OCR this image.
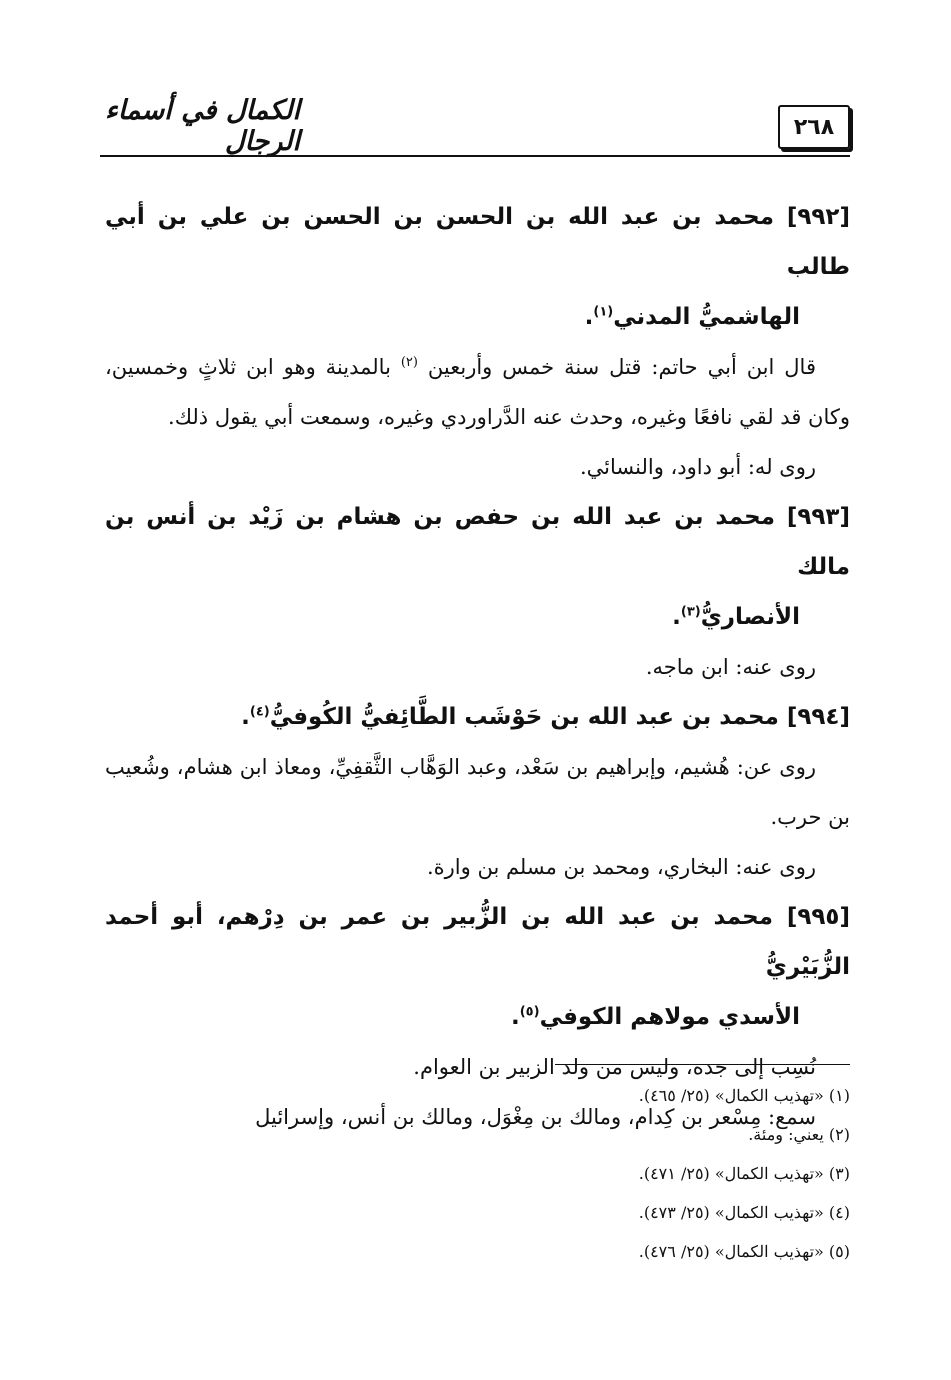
٢٦٨
الكمال في أسماء الرجال

[٩٩٢] محمد بن عبد الله بن الحسن بن الحسن بن علي بن أبي طالب
الهاشميُّ المدني$^{(١)}$.

قال ابن أبي حاتم: قتل سنة خمس وأربعين $^{(٢)}$ بالمدينة وهو ابن ثلاثٍ وخمسين، وكان قد لقي نافعًا وغيره، وحدث عنه الدَّراوردي وغيره، وسمعت أبي يقول ذلك.

روى له: أبو داود، والنسائي.

[٩٩٣] محمد بن عبد الله بن حفص بن هشام بن زَيْد بن أنس بن مالك
الأنصاريُّ$^{(٣)}$.

روى عنه: ابن ماجه.

[٩٩٤] محمد بن عبد الله بن حَوْشَب الطَّائِفيُّ الكُوفيُّ$^{(٤)}$.

روى عن: هُشيم، وإبراهيم بن سَعْد، وعبد الوَهَّاب الثَّقفِيِّ، ومعاذ ابن هشام، وشُعيب بن حرب.

روى عنه: البخاري، ومحمد بن مسلم بن وارة.

[٩٩٥] محمد بن عبد الله بن الزُّبير بن عمر بن دِرْهم، أبو أحمد الزُّبَيْريُّ
الأسدي مولاهم الكوفي$^{(٥)}$.

نُسِب إلى جده، وليس من ولد الزبير بن العوام.

سمع: مِسْعر بن كِدام، ومالك بن مِغْوَل، ومالك بن أنس، وإسرائيل

(١) «تهذيب الكمال» (٢٥/ ٤٦٥).

(٢) يعني: ومئة.

(٣) «تهذيب الكمال» (٢٥/ ٤٧١).

(٤) «تهذيب الكمال» (٢٥/ ٤٧٣).

(٥) «تهذيب الكمال» (٢٥/ ٤٧٦).
